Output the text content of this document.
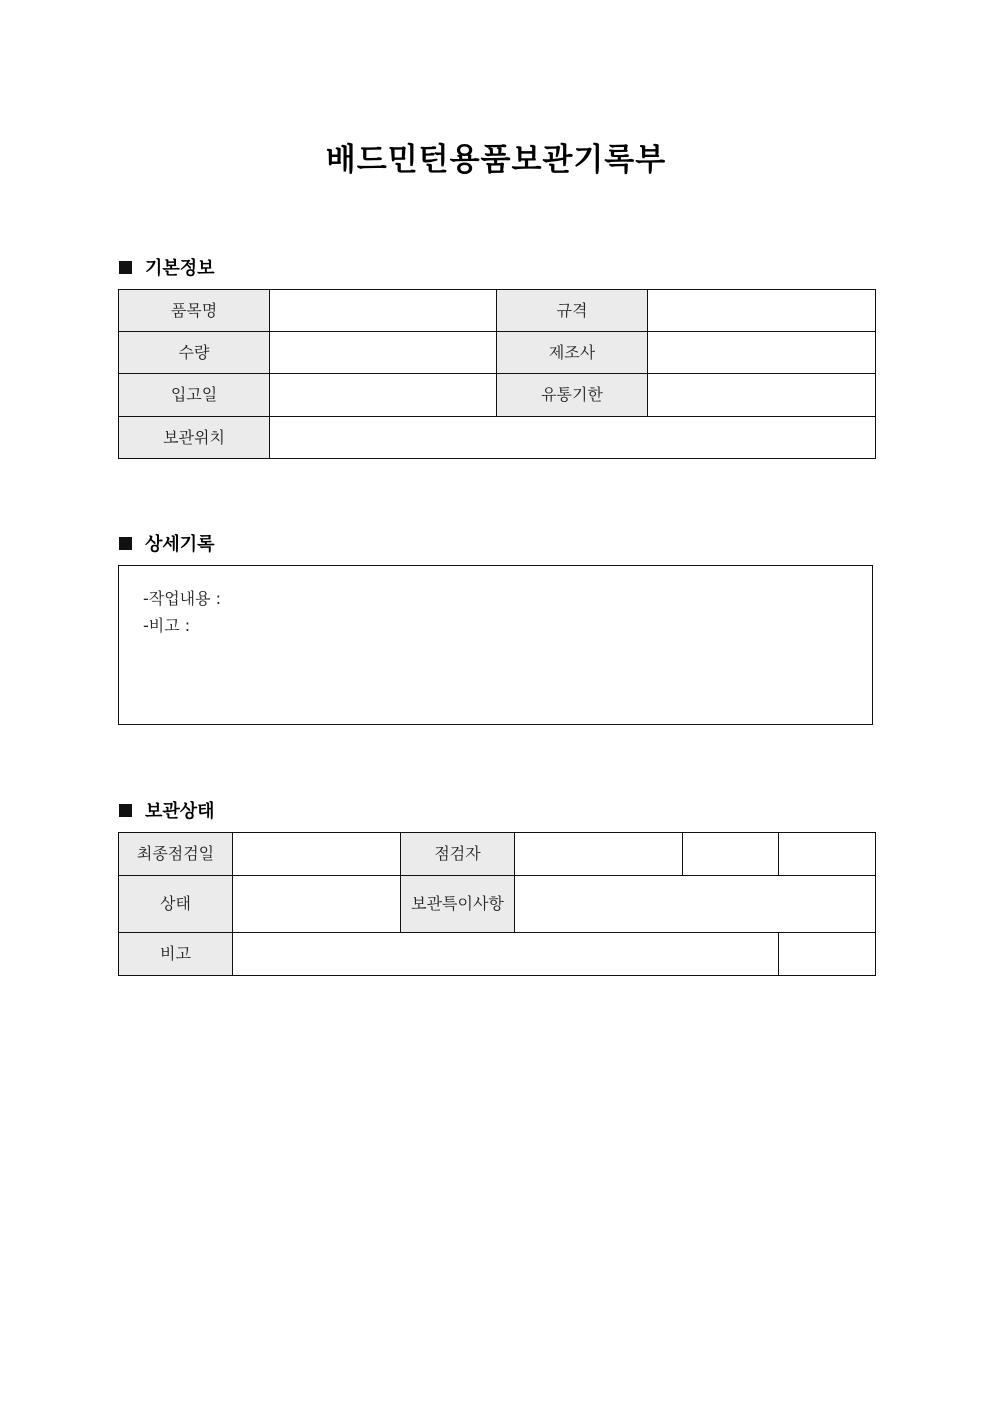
배드민턴용품보관기록부
기본정보
품목명		규격	
수량		제조사	
입고일		유통기한	
보관위치			
상세기록
-작업내용 :
-비고 :
보관상태
최종점검일		점검자			
상태		보관특이사항			
비고					
